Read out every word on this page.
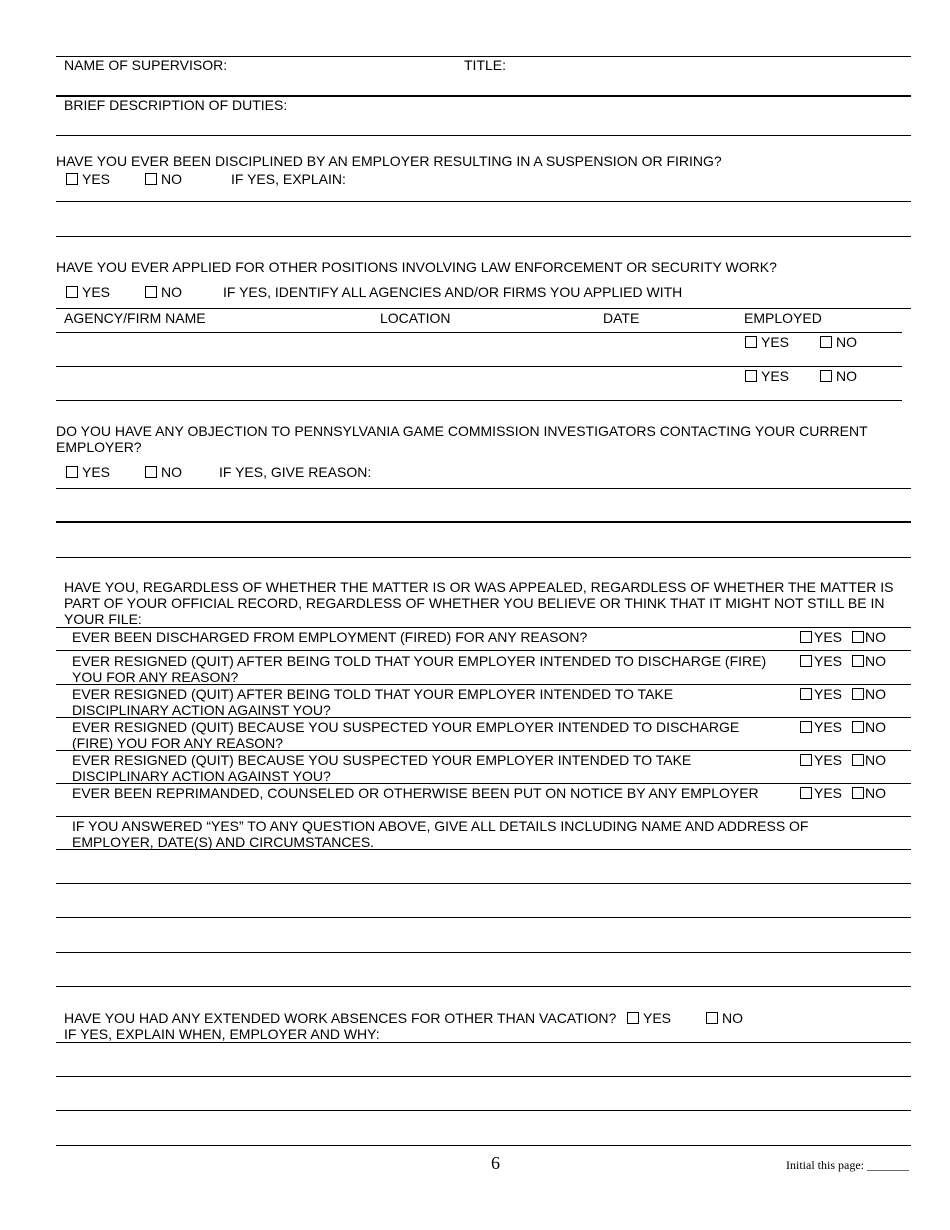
NAME OF SUPERVISOR:	TITLE:
BRIEF DESCRIPTION OF DUTIES:
HAVE YOU EVER BEEN DISCIPLINED BY AN EMPLOYER RESULTING IN A SUSPENSION OR FIRING?
YES	NO	IF YES, EXPLAIN:
HAVE YOU EVER APPLIED FOR OTHER POSITIONS INVOLVING LAW ENFORCEMENT OR SECURITY WORK?
YES	NO	IF YES, IDENTIFY ALL AGENCIES AND/OR FIRMS YOU APPLIED WITH
AGENCY/FIRM NAME	LOCATION	DATE	EMPLOYED
YES	NO
YES	NO
DO YOU HAVE ANY OBJECTION TO PENNSYLVANIA GAME COMMISSION INVESTIGATORS CONTACTING YOUR CURRENT EMPLOYER?
YES	NO	IF YES, GIVE REASON:
HAVE YOU, REGARDLESS OF WHETHER THE MATTER IS OR WAS APPEALED, REGARDLESS OF WHETHER THE MATTER IS PART OF YOUR OFFICIAL RECORD, REGARDLESS OF WHETHER YOU BELIEVE OR THINK THAT IT MIGHT NOT STILL BE IN YOUR FILE:
EVER BEEN DISCHARGED FROM EMPLOYMENT (FIRED) FOR ANY REASON?	YES	NO
EVER RESIGNED (QUIT) AFTER BEING TOLD THAT YOUR EMPLOYER INTENDED TO DISCHARGE (FIRE) YOU FOR ANY REASON?
YES	NO
EVER RESIGNED (QUIT) AFTER BEING TOLD THAT YOUR EMPLOYER INTENDED TO TAKE DISCIPLINARY ACTION AGAINST YOU?
YES	NO
EVER RESIGNED (QUIT) BECAUSE YOU SUSPECTED YOUR EMPLOYER INTENDED TO DISCHARGE (FIRE) YOU FOR ANY REASON?
YES	NO
EVER RESIGNED (QUIT) BECAUSE YOU SUSPECTED YOUR EMPLOYER INTENDED TO TAKE DISCIPLINARY ACTION AGAINST YOU?
YES	NO
EVER BEEN REPRIMANDED, COUNSELED OR OTHERWISE BEEN PUT ON NOTICE BY ANY EMPLOYER	YES	NO
IF YOU ANSWERED “YES” TO ANY QUESTION ABOVE, GIVE ALL DETAILS INCLUDING NAME AND ADDRESS OF EMPLOYER, DATE(S) AND CIRCUMSTANCES.
HAVE YOU HAD ANY EXTENDED WORK ABSENCES FOR OTHER THAN VACATION?	YES	NO
IF YES, EXPLAIN WHEN, EMPLOYER AND WHY:
6	Initial this page: _______
